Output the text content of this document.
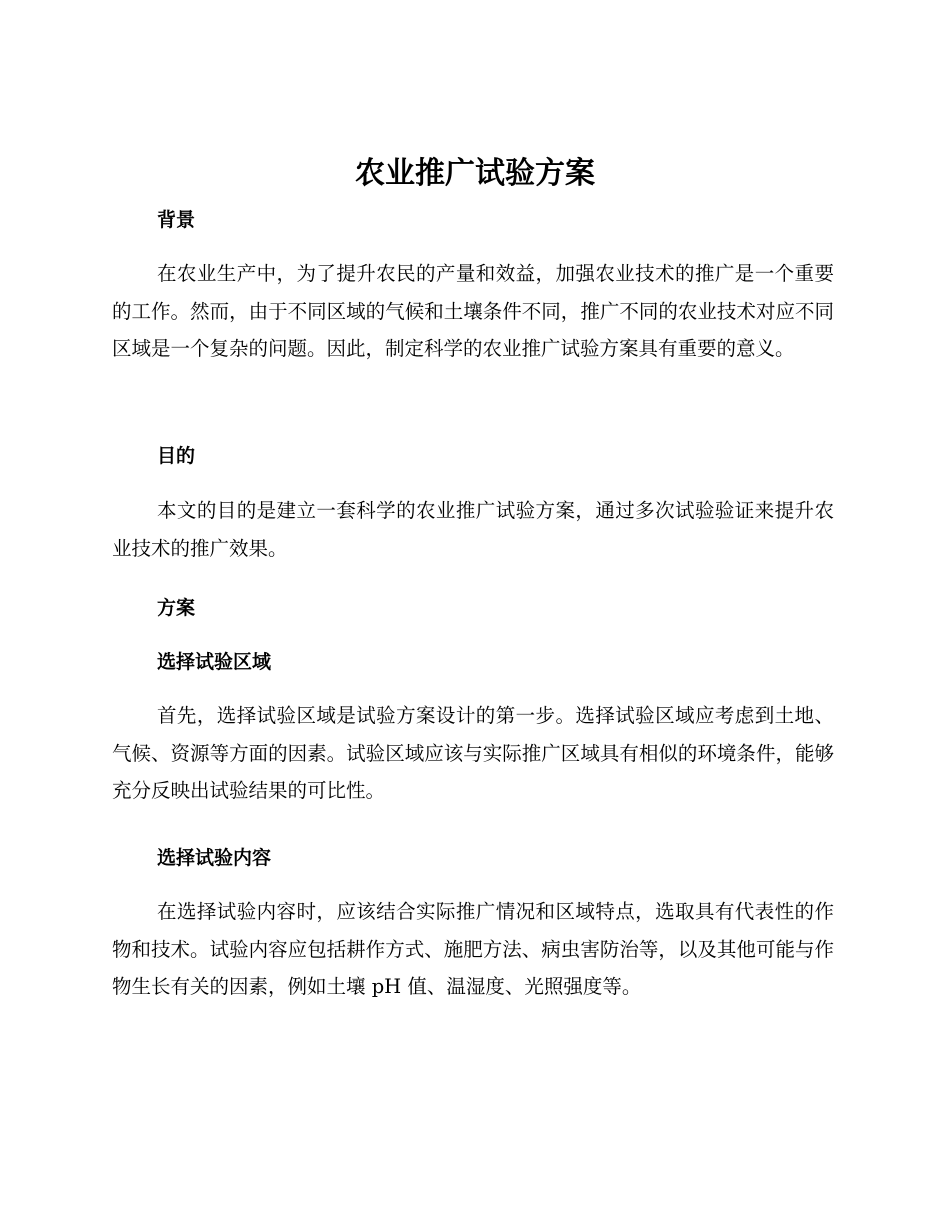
农业推广试验方案
背景

在农业生产中，为了提升农民的产量和效益，加强农业技术的推广是一个重要的工作。然而，由于不同区域的气候和土壤条件不同，推广不同的农业技术对应不同区域是一个复杂的问题。因此，制定科学的农业推广试验方案具有重要的意义。

目的

本文的目的是建立一套科学的农业推广试验方案，通过多次试验验证来提升农业技术的推广效果。

方案
选择试验区域

首先，选择试验区域是试验方案设计的第一步。选择试验区域应考虑到土地、气候、资源等方面的因素。试验区域应该与实际推广区域具有相似的环境条件，能够充分反映出试验结果的可比性。

选择试验内容

在选择试验内容时，应该结合实际推广情况和区域特点，选取具有代表性的作物和技术。试验内容应包括耕作方式、施肥方法、病虫害防治等，以及其他可能与作物生长有关的因素，例如土壤 pH 值、温湿度、光照强度等。
